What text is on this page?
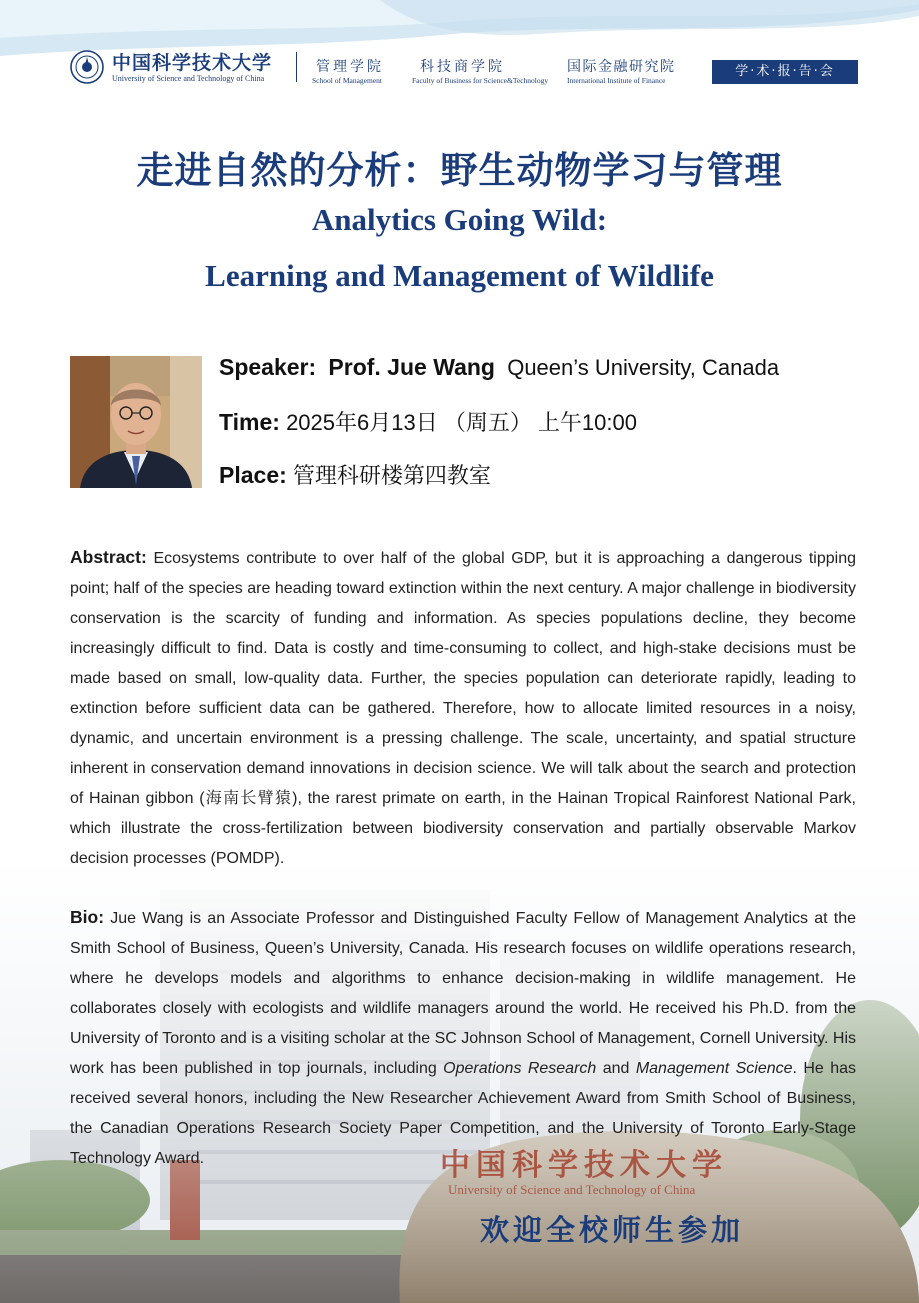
中国科学技术大学
University of Science and Technology of China
管理学院
School of Management
科技商学院
Faculty of Business for Science&Technology
国际金融研究院
International Institute of Finance
学·术·报·告·会
走进自然的分析：野生动物学习与管理
Analytics Going Wild:
Learning and Management of Wildlife
Speaker: Prof. Jue Wang Queen’s University, Canada
Time: 2025年6月13日 （周五） 上午10:00
Place: 管理科研楼第四教室
Abstract: Ecosystems contribute to over half of the global GDP, but it is approaching a dangerous tipping point; half of the species are heading toward extinction within the next century. A major challenge in biodiversity conservation is the scarcity of funding and information. As species populations decline, they become increasingly difficult to find. Data is costly and time-consuming to collect, and high-stake decisions must be made based on small, low-quality data. Further, the species population can deteriorate rapidly, leading to extinction before sufficient data can be gathered. Therefore, how to allocate limited resources in a noisy, dynamic, and uncertain environment is a pressing challenge. The scale, uncertainty, and spatial structure inherent in conservation demand innovations in decision science. We will talk about the search and protection of Hainan gibbon (海南长臂猿), the rarest primate on earth, in the Hainan Tropical Rainforest National Park, which illustrate the cross-fertilization between biodiversity conservation and partially observable Markov decision processes (POMDP).
Bio: Jue Wang is an Associate Professor and Distinguished Faculty Fellow of Management Analytics at the Smith School of Business, Queen’s University, Canada. His research focuses on wildlife operations research, where he develops models and algorithms to enhance decision-making in wildlife management. He collaborates closely with ecologists and wildlife managers around the world. He received his Ph.D. from the University of Toronto and is a visiting scholar at the SC Johnson School of Management, Cornell University. His work has been published in top journals, including Operations Research and Management Science. He has received several honors, including the New Researcher Achievement Award from Smith School of Business, the Canadian Operations Research Society Paper Competition, and the University of Toronto Early-Stage Technology Award.	中国科学技术大学
University of Science and Technology of China
欢迎全校师生参加
